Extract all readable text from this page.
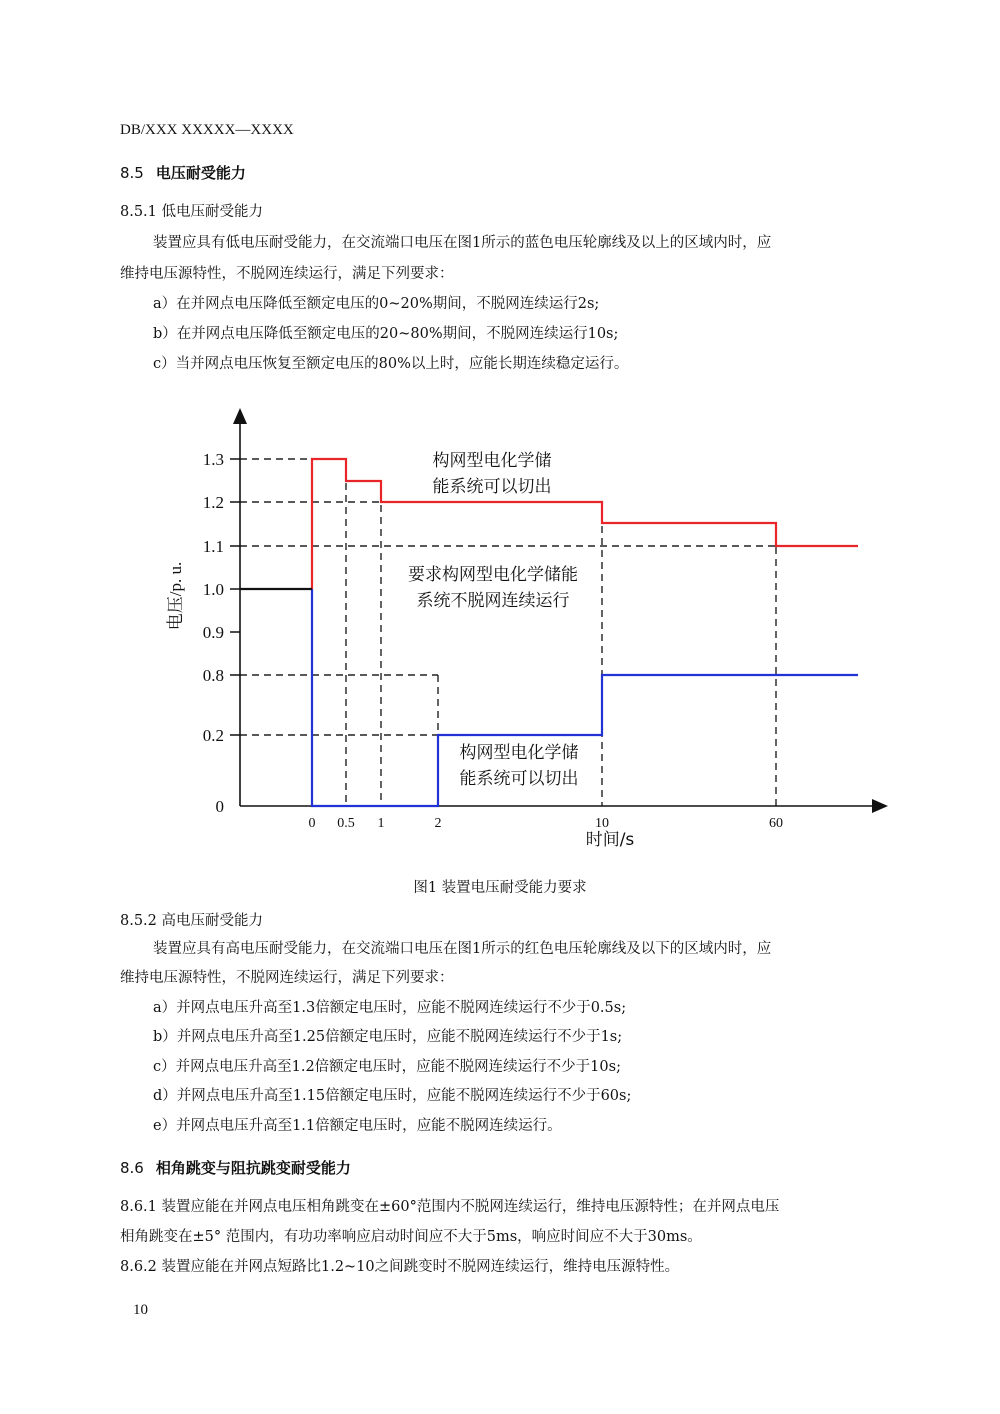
DB/XXX XXXXX—XXXX
8.5 电压耐受能力
8.5.1 低电压耐受能力
装置应具有低电压耐受能力，在交流端口电压在图1所示的蓝色电压轮廓线及以上的区域内时，应
维持电压源特性，不脱网连续运行，满足下列要求：
a）在并网点电压降低至额定电压的0~20%期间，不脱网连续运行2s;
b）在并网点电压降低至额定电压的20~80%期间，不脱网连续运行10s;
c）当并网点电压恢复至额定电压的80%以上时，应能长期连续稳定运行。
0
0.2
0.8
0.9
1.0
1.1
1.2
1.3
0 0.5 1	2	10	60
时间/s
电压/p. u.
构网型电化学储
能系统可以切出
要求构网型电化学储能
系统不脱网连续运行
构网型电化学储
能系统可以切出
图1 装置电压耐受能力要求
8.5.2 高电压耐受能力
装置应具有高电压耐受能力，在交流端口电压在图1所示的红色电压轮廓线及以下的区域内时，应
维持电压源特性，不脱网连续运行，满足下列要求：
a）并网点电压升高至1.3倍额定电压时，应能不脱网连续运行不少于0.5s;
b）并网点电压升高至1.25倍额定电压时，应能不脱网连续运行不少于1s;
c）并网点电压升高至1.2倍额定电压时，应能不脱网连续运行不少于10s;
d）并网点电压升高至1.15倍额定电压时，应能不脱网连续运行不少于60s;
e）并网点电压升高至1.1倍额定电压时，应能不脱网连续运行。
8.6 相角跳变与阻抗跳变耐受能力
8.6.1 装置应能在并网点电压相角跳变在±60°范围内不脱网连续运行，维持电压源特性；在并网点电压
相角跳变在±5° 范围内，有功功率响应启动时间应不大于5ms，响应时间应不大于30ms。
8.6.2 装置应能在并网点短路比1.2~10之间跳变时不脱网连续运行，维持电压源特性。
10
